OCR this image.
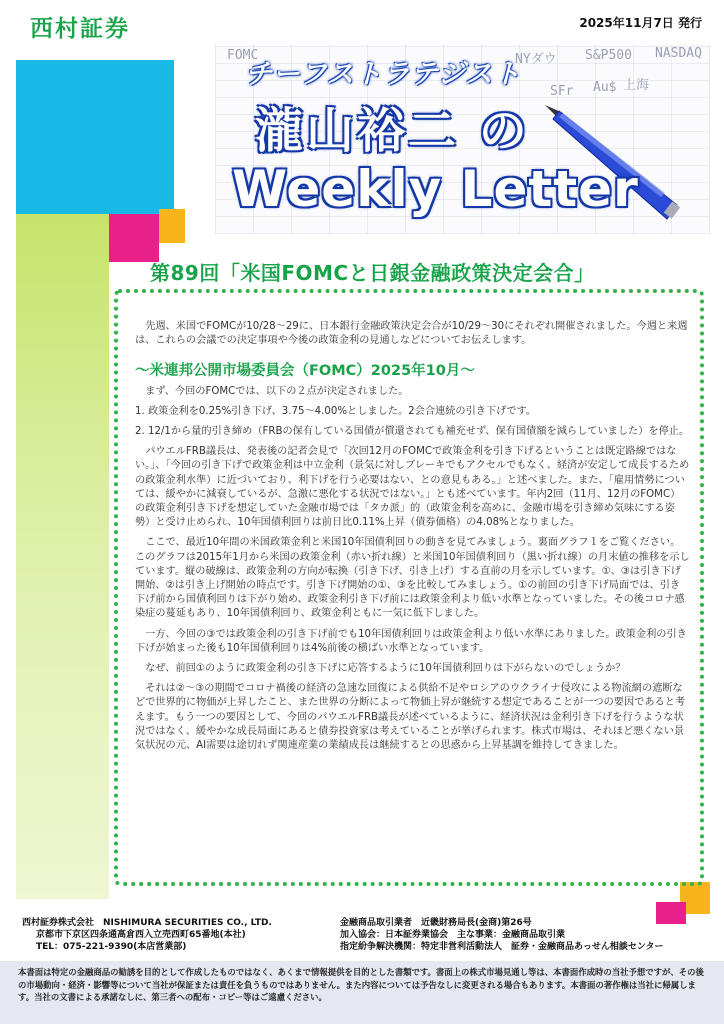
西村証券	2025年11月7日 発行
NYダウ S&P500 NASDAQ
FOMC
SFr Au$ 上海
チーフストラテジスト
瀧山裕二 の
Weekly Letter
第89回「米国FOMCと日銀金融政策決定会合」

先週、米国でFOMCが10/28～29に、日本銀行金融政策決定会合が10/29～30にそれぞれ開催されました。今週と来週は、これらの会議での決定事項や今後の政策金利の見通しなどについてお伝えします。

～米連邦公開市場委員会（FOMC）2025年10月～

まず、今回のFOMCでは、以下の２点が決定されました。

1. 政策金利を0.25%引き下げ、3.75～4.00%としました。2会合連続の引き下げです。

2. 12/1から量的引き締め（FRBの保有している国債が償還されても補充せず、保有国債額を減らしていました）を停止。

パウエルFRB議長は、発表後の記者会見で「次回12月のFOMCで政策金利を引き下げるということは既定路線ではない。」、「今回の引き下げで政策金利は中立金利（景気に対しブレーキでもアクセルでもなく、経済が安定して成長するための政策金利水準）に近づいており、利下げを行う必要はない、との意見もある。」と述べました。また、「雇用情勢については、緩やかに減衰しているが、急激に悪化する状況ではない。」とも述べています。年内2回（11月、12月のFOMC）の政策金利引き下げを想定していた金融市場では「タカ派」的（政策金利を高めに、金融市場を引き締め気味にする姿勢）と受け止められ、10年国債利回りは前日比0.11%上昇（債券価格）の4.08%となりました。

ここで、最近10年間の米国政策金利と米国10年国債利回りの動きを見てみましょう。裏面グラフ１をご覧ください。このグラフは2015年1月から米国の政策金利（赤い折れ線）と米国10年国債利回り（黒い折れ線）の月末値の推移を示しています。縦の破線は、政策金利の方向が転換（引き下げ、引き上げ）する直前の月を示しています。①、③は引き下げ開始、②は引き上げ開始の時点です。引き下げ開始の①、③を比較してみましょう。①の前回の引き下げ局面では、引き下げ前から国債利回りは下がり始め、政策金利引き下げ前には政策金利より低い水準となっていました。その後コロナ感染症の蔓延もあり、10年国債利回り、政策金利ともに一気に低下しました。

一方、今回の③では政策金利の引き下げ前でも10年国債利回りは政策金利より低い水準にありました。政策金利の引き下げが始まった後も10年国債利回りは4%前後の横ばい水準となっています。

なぜ、前回①のように政策金利の引き下げに応答するように10年国債利回りは下がらないのでしょうか？

それは②～③の期間でコロナ禍後の経済の急速な回復による供給不足やロシアのウクライナ侵攻による物流網の遮断などで世界的に物価が上昇したこと、また世界の分断によって物価上昇が継続する想定であることが一つの要因であると考えます。もう一つの要因として、今回のパウエルFRB議長が述べているように、経済状況は金利引き下げを行うような状況ではなく、緩やかな成長局面にあると債券投資家は考えていることが挙げられます。株式市場は、それほど悪くない景気状況の元、AI需要は途切れず関連産業の業績成長は継続するとの思惑から上昇基調を維持してきました。

西村証券株式会社　NISHIMURA SECURITIES CO., LTD.
京都市下京区四条通高倉西入立売西町65番地(本社)
TEL：075-221-9390(本店営業部)
金融商品取引業者　近畿財務局長(金商)第26号
加入協会：日本証券業協会　主な事業：金融商品取引業
指定紛争解決機関：特定非営利活動法人　証券・金融商品あっせん相談センター
本書面は特定の金融商品の勧誘を目的として作成したものではなく、あくまで情報提供を目的とした書類です。書面上の株式市場見通し等は、本書面作成時の当社予想ですが、その後の市場動向・経済・影響等について当社が保証または責任を負うものではありません。また内容については予告なしに変更される場合もあります。本書面の著作権は当社に帰属します。当社の文書による承諾なしに、第三者への配布・コピー等はご遠慮ください。
